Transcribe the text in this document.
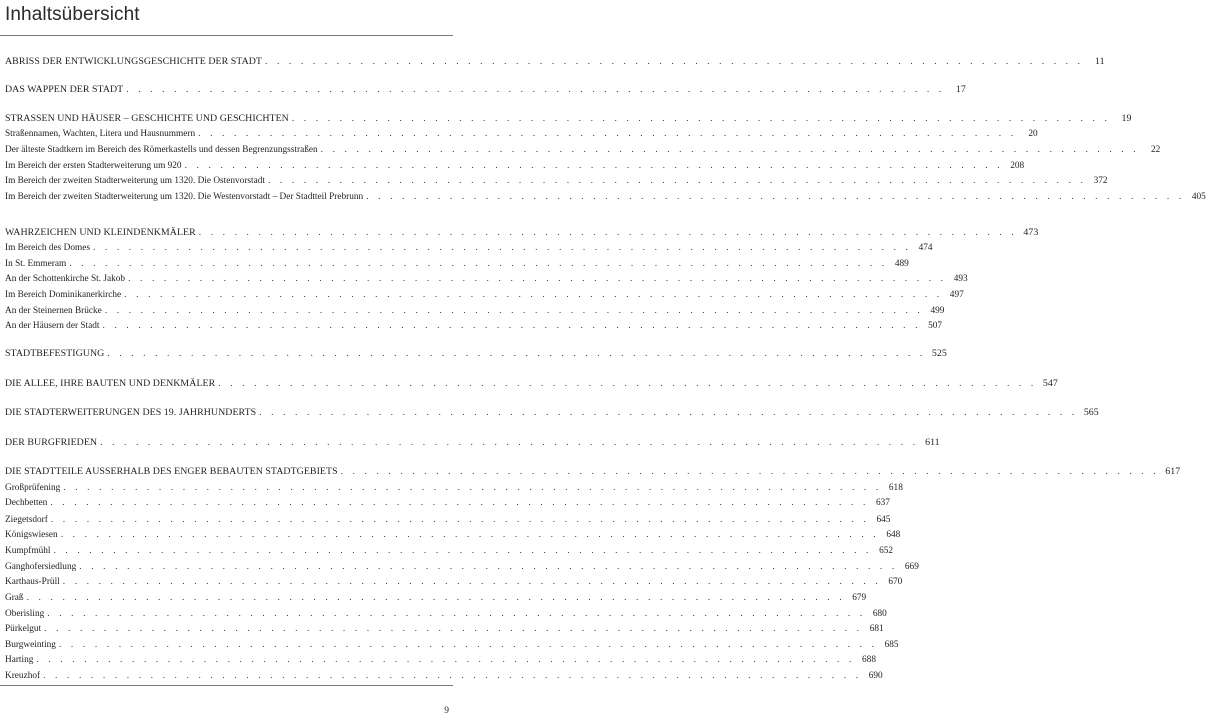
Inhaltsübersicht
ABRISS DER ENTWICKLUNGSGESCHICHTE DER STADT . . .	11
DAS WAPPEN DER STADT . . .	17
STRASSEN UND HÄUSER – GESCHICHTE UND GESCHICHTEN . . .	19
Straßennamen, Wachten, Litera und Hausnummern . . .	20
Der älteste Stadtkern im Bereich des Römerkastells und dessen Begrenzungsstraßen . . .	22
Im Bereich der ersten Stadterweiterung um 920 . . .	208
Im Bereich der zweiten Stadterweiterung um 1320. Die Ostenvorstadt . . .	372
Im Bereich der zweiten Stadterweiterung um 1320. Die Westenvorstadt – Der Stadtteil Prebrunn . . .	405
WAHRZEICHEN UND KLEINDENKMÄLER . . .	473
Im Bereich des Domes . . .	474
In St. Emmeram . . .	489
An der Schottenkirche St. Jakob . . .	493
Im Bereich Dominikanerkirche . . .	497
An der Steinernen Brücke . . .	499
An der Häusern der Stadt . . .	507
STADTBEFESTIGUNG . . .	525
DIE ALLEE, IHRE BAUTEN UND DENKMÄLER . . .	547
DIE STADTERWEITERUNGEN DES 19. JAHRHUNDERTS . . .	565
DER BURGFRIEDEN . . .	611
DIE STADTTEILE AUSSERHALB DES ENGER BEBAUTEN STADTGEBIETS . . .	617
Großprüfening . . .	618
Dechbetten . . .	637
Ziegetsdorf . . .	645
Königswiesen . . .	648
Kumpfmühl . . .	652
Ganghofersiedlung . . .	669
Karthaus-Prüll . . .	670
Graß . . .	679
Oberisling . . .	680
Pürkelgut . . .	681
Burgweinting . . .	685
Harting . . .	688
Kreuzhof . . .	690
9
